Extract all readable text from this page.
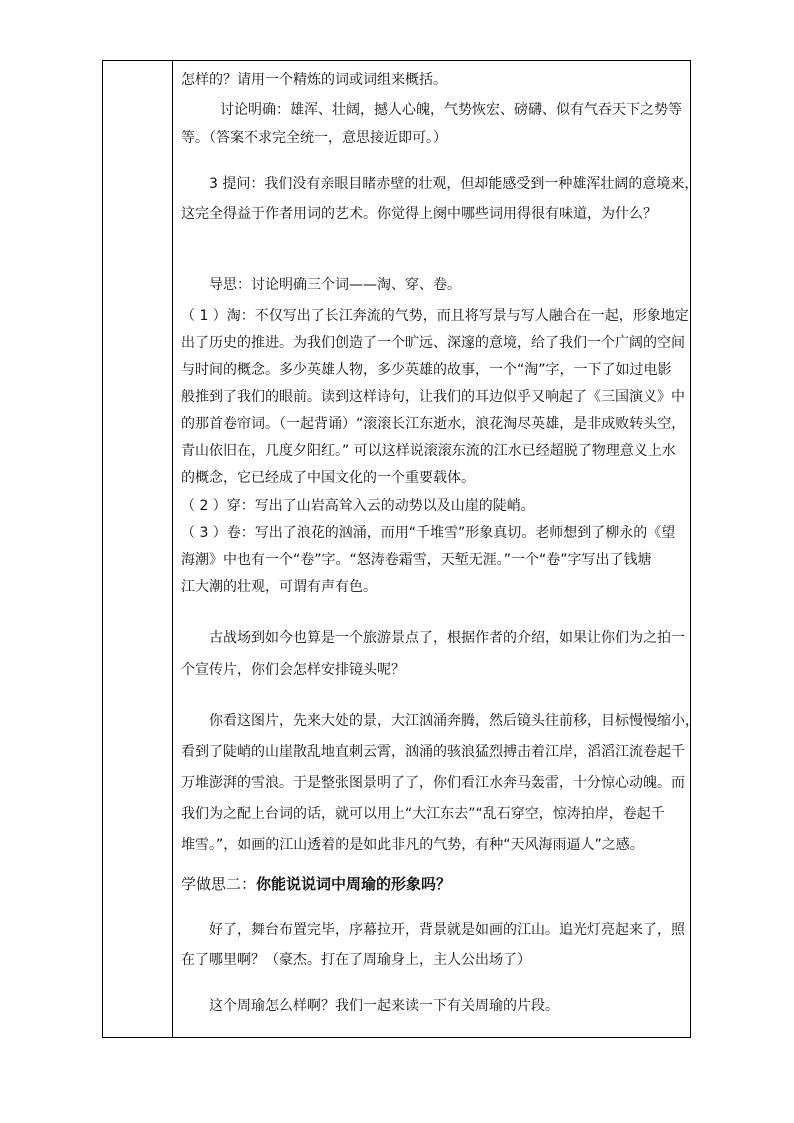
怎样的？请用一个精炼的词或词组来概括。
讨论明确：雄浑、壮阔，撼人心魄，气势恢宏、磅礴、似有气吞天下之势等
等。（答案不求完全统一，意思接近即可。）
3 提问：我们没有亲眼目睹赤壁的壮观，但却能感受到一种雄浑壮阔的意境来，
这完全得益于作者用词的艺术。你觉得上阕中哪些词用得很有味道，为什么？
导思：讨论明确三个词——淘、穿、卷。
（ 1 ）淘：不仅写出了长江奔流的气势，而且将写景与写人融合在一起，形象地定
出了历史的推进。为我们创造了一个旷远、深邃的意境，给了我们一个广阔的空间
与时间的概念。多少英雄人物，多少英雄的故事，一个“淘”字，一下了如过电影
般推到了我们的眼前。读到这样诗句，让我们的耳边似乎又响起了《三国演义》中
的那首卷帘词。（一起背诵）“滚滚长江东逝水，浪花淘尽英雄，是非成败转头空，
青山依旧在，几度夕阳红。” 可以这样说滚滚东流的江水已经超脱了物理意义上水
的概念，它已经成了中国文化的一个重要载体。
（ 2 ）穿：写出了山岩高耸入云的动势以及山崖的陡峭。
（ 3 ）卷：写出了浪花的汹涌，而用“千堆雪”形象真切。老师想到了柳永的《望
海潮》中也有一个“卷”字。“怒涛卷霜雪，天堑无涯。”一个“卷”字写出了钱塘
江大潮的壮观，可谓有声有色。
古战场到如今也算是一个旅游景点了，根据作者的介绍，如果让你们为之拍一
个宣传片，你们会怎样安排镜头呢？
你看这图片，先来大处的景，大江汹涌奔腾，然后镜头往前移，目标慢慢缩小，
看到了陡峭的山崖散乱地直刺云霄，汹涌的骇浪猛烈搏击着江岸，滔滔江流卷起千
万堆澎湃的雪浪。于是整张图景明了了，你们看江水奔马轰雷，十分惊心动魄。而
我们为之配上台词的话，就可以用上“大江东去”“乱石穿空，惊涛拍岸，卷起千
堆雪。”，如画的江山透着的是如此非凡的气势，有种“天风海雨逼人”之感。
学做思二：你能说说词中周瑜的形象吗？
好了，舞台布置完毕，序幕拉开，背景就是如画的江山。追光灯亮起来了，照
在了哪里啊？（豪杰。打在了周瑜身上，主人公出场了）
这个周瑜怎么样啊？我们一起来读一下有关周瑜的片段。
